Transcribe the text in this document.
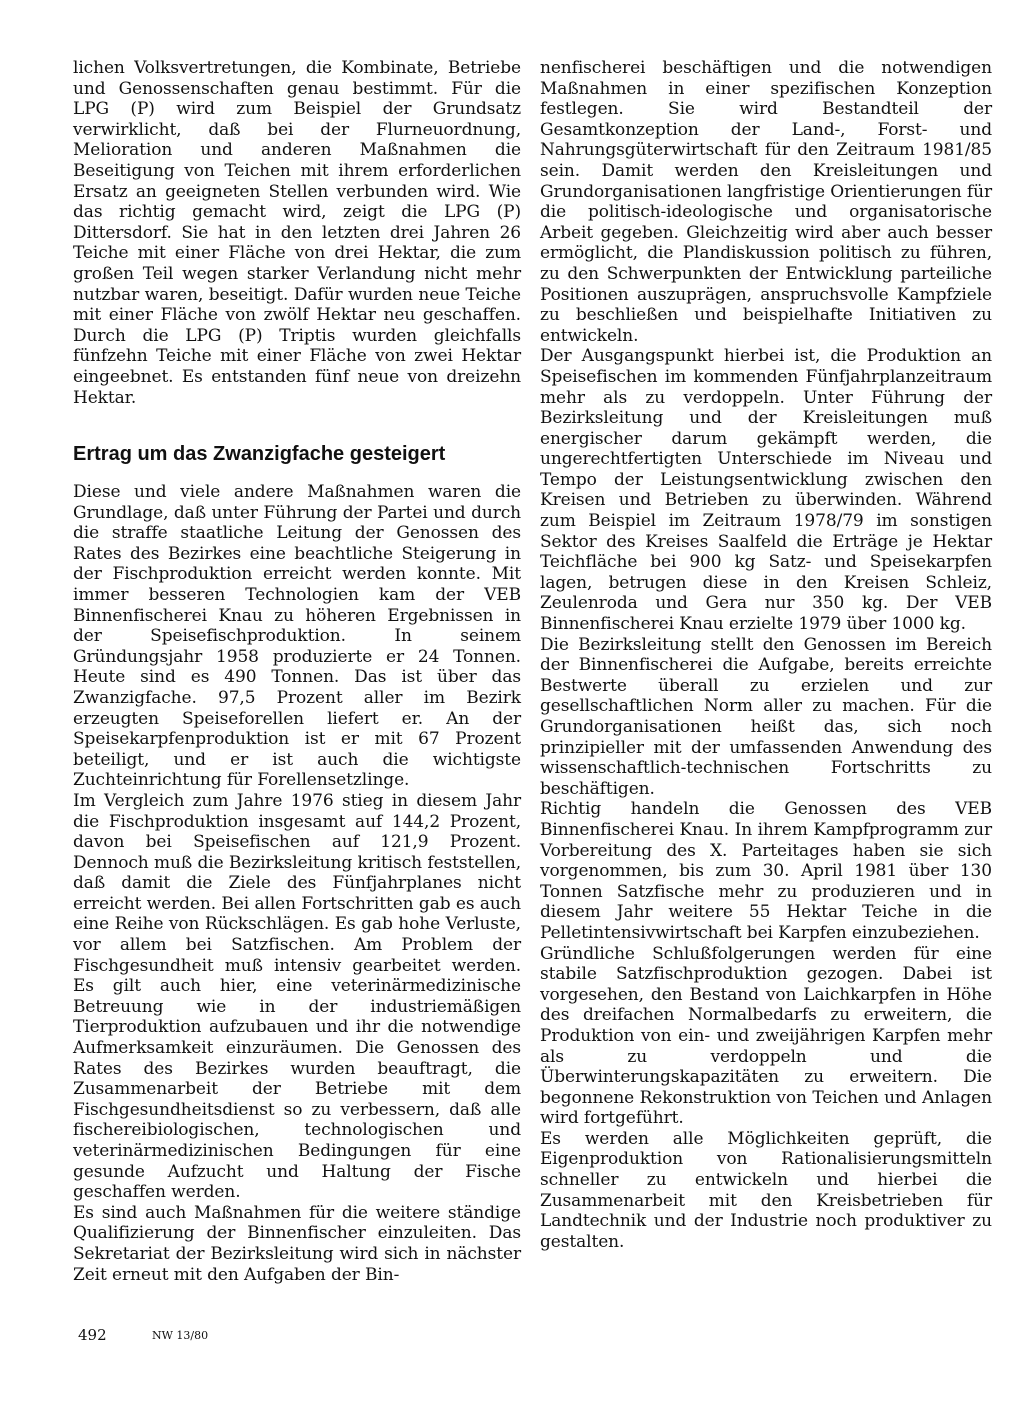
lichen Volksvertretungen, die Kombinate, Betriebe und Genossenschaften genau bestimmt. Für die LPG (P) wird zum Beispiel der Grundsatz verwirklicht, daß bei der Flurneuordnung, Melioration und anderen Maßnahmen die Beseitigung von Teichen mit ihrem erforderlichen Ersatz an geeigneten Stellen verbunden wird. Wie das richtig gemacht wird, zeigt die LPG (P) Dittersdorf. Sie hat in den letzten drei Jahren 26 Teiche mit einer Fläche von drei Hektar, die zum großen Teil wegen starker Verlandung nicht mehr nutzbar waren, beseitigt. Dafür wurden neue Teiche mit einer Fläche von zwölf Hektar neu geschaffen. Durch die LPG (P) Triptis wurden gleichfalls fünfzehn Teiche mit einer Fläche von zwei Hektar eingeebnet. Es entstanden fünf neue von dreizehn Hektar.

Ertrag um das Zwanzigfache gesteigert

Diese und viele andere Maßnahmen waren die Grundlage, daß unter Führung der Partei und durch die straffe staatliche Leitung der Genossen des Rates des Bezirkes eine beachtliche Steigerung in der Fischproduktion erreicht werden konnte. Mit immer besseren Technologien kam der VEB Binnenfischerei Knau zu höheren Ergebnissen in der Speisefischproduktion. In seinem Gründungsjahr 1958 produzierte er 24 Tonnen. Heute sind es 490 Tonnen. Das ist über das Zwanzigfache. 97,5 Prozent aller im Bezirk erzeugten Speiseforellen liefert er. An der Speisekarpfenproduktion ist er mit 67 Prozent beteiligt, und er ist auch die wichtigste Zuchteinrichtung für Forellensetzlinge.

Im Vergleich zum Jahre 1976 stieg in diesem Jahr die Fischproduktion insgesamt auf 144,2 Prozent, davon bei Speisefischen auf 121,9 Prozent. Dennoch muß die Bezirksleitung kritisch feststellen, daß damit die Ziele des Fünfjahrplanes nicht erreicht werden. Bei allen Fortschritten gab es auch eine Reihe von Rückschlägen. Es gab hohe Verluste, vor allem bei Satzfischen. Am Problem der Fischgesundheit muß intensiv gearbeitet werden. Es gilt auch hier, eine veterinärmedizinische Betreuung wie in der industriemäßigen Tierproduktion aufzubauen und ihr die notwendige Aufmerksamkeit einzuräumen. Die Genossen des Rates des Bezirkes wurden beauftragt, die Zusammenarbeit der Betriebe mit dem Fischgesundheitsdienst so zu verbessern, daß alle fischereibiologischen, technologischen und veterinärmedizinischen Bedingungen für eine gesunde Aufzucht und Haltung der Fische geschaffen werden.

Es sind auch Maßnahmen für die weitere ständige Qualifizierung der Binnenfischer einzuleiten. Das Sekretariat der Bezirksleitung wird sich in nächster Zeit erneut mit den Aufgaben der Bin-

nenfischerei beschäftigen und die notwendigen Maßnahmen in einer spezifischen Konzeption festlegen. Sie wird Bestandteil der Gesamtkonzeption der Land-, Forst- und Nahrungsgüterwirtschaft für den Zeitraum 1981/85 sein. Damit werden den Kreisleitungen und Grundorganisationen langfristige Orientierungen für die politisch-ideologische und organisatorische Arbeit gegeben. Gleichzeitig wird aber auch besser ermöglicht, die Plandiskussion politisch zu führen, zu den Schwerpunkten der Entwicklung parteiliche Positionen auszuprägen, anspruchsvolle Kampfziele zu beschließen und beispielhafte Initiativen zu entwickeln.

Der Ausgangspunkt hierbei ist, die Produktion an Speisefischen im kommenden Fünfjahrplanzeitraum mehr als zu verdoppeln. Unter Führung der Bezirksleitung und der Kreisleitungen muß energischer darum gekämpft werden, die ungerechtfertigten Unterschiede im Niveau und Tempo der Leistungsentwicklung zwischen den Kreisen und Betrieben zu überwinden. Während zum Beispiel im Zeitraum 1978/79 im sonstigen Sektor des Kreises Saalfeld die Erträge je Hektar Teichfläche bei 900 kg Satz- und Speisekarpfen lagen, betrugen diese in den Kreisen Schleiz, Zeulenroda und Gera nur 350 kg. Der VEB Binnenfischerei Knau erzielte 1979 über 1000 kg.

Die Bezirksleitung stellt den Genossen im Bereich der Binnenfischerei die Aufgabe, bereits erreichte Bestwerte überall zu erzielen und zur gesellschaftlichen Norm aller zu machen. Für die Grundorganisationen heißt das, sich noch prinzipieller mit der umfassenden Anwendung des wissenschaftlich-technischen Fortschritts zu beschäftigen.

Richtig handeln die Genossen des VEB Binnenfischerei Knau. In ihrem Kampfprogramm zur Vorbereitung des X. Parteitages haben sie sich vorgenommen, bis zum 30. April 1981 über 130 Tonnen Satzfische mehr zu produzieren und in diesem Jahr weitere 55 Hektar Teiche in die Pelletintensivwirtschaft bei Karpfen einzubeziehen.

Gründliche Schlußfolgerungen werden für eine stabile Satzfischproduktion gezogen. Dabei ist vorgesehen, den Bestand von Laichkarpfen in Höhe des dreifachen Normalbedarfs zu erweitern, die Produktion von ein- und zweijährigen Karpfen mehr als zu verdoppeln und die Überwinterungskapazitäten zu erweitern. Die begonnene Rekonstruktion von Teichen und Anlagen wird fortgeführt.

Es werden alle Möglichkeiten geprüft, die Eigenproduktion von Rationalisierungsmitteln schneller zu entwickeln und hierbei die Zusammenarbeit mit den Kreisbetrieben für Landtechnik und der Industrie noch produktiver zu gestalten.

492	NW 13/80
